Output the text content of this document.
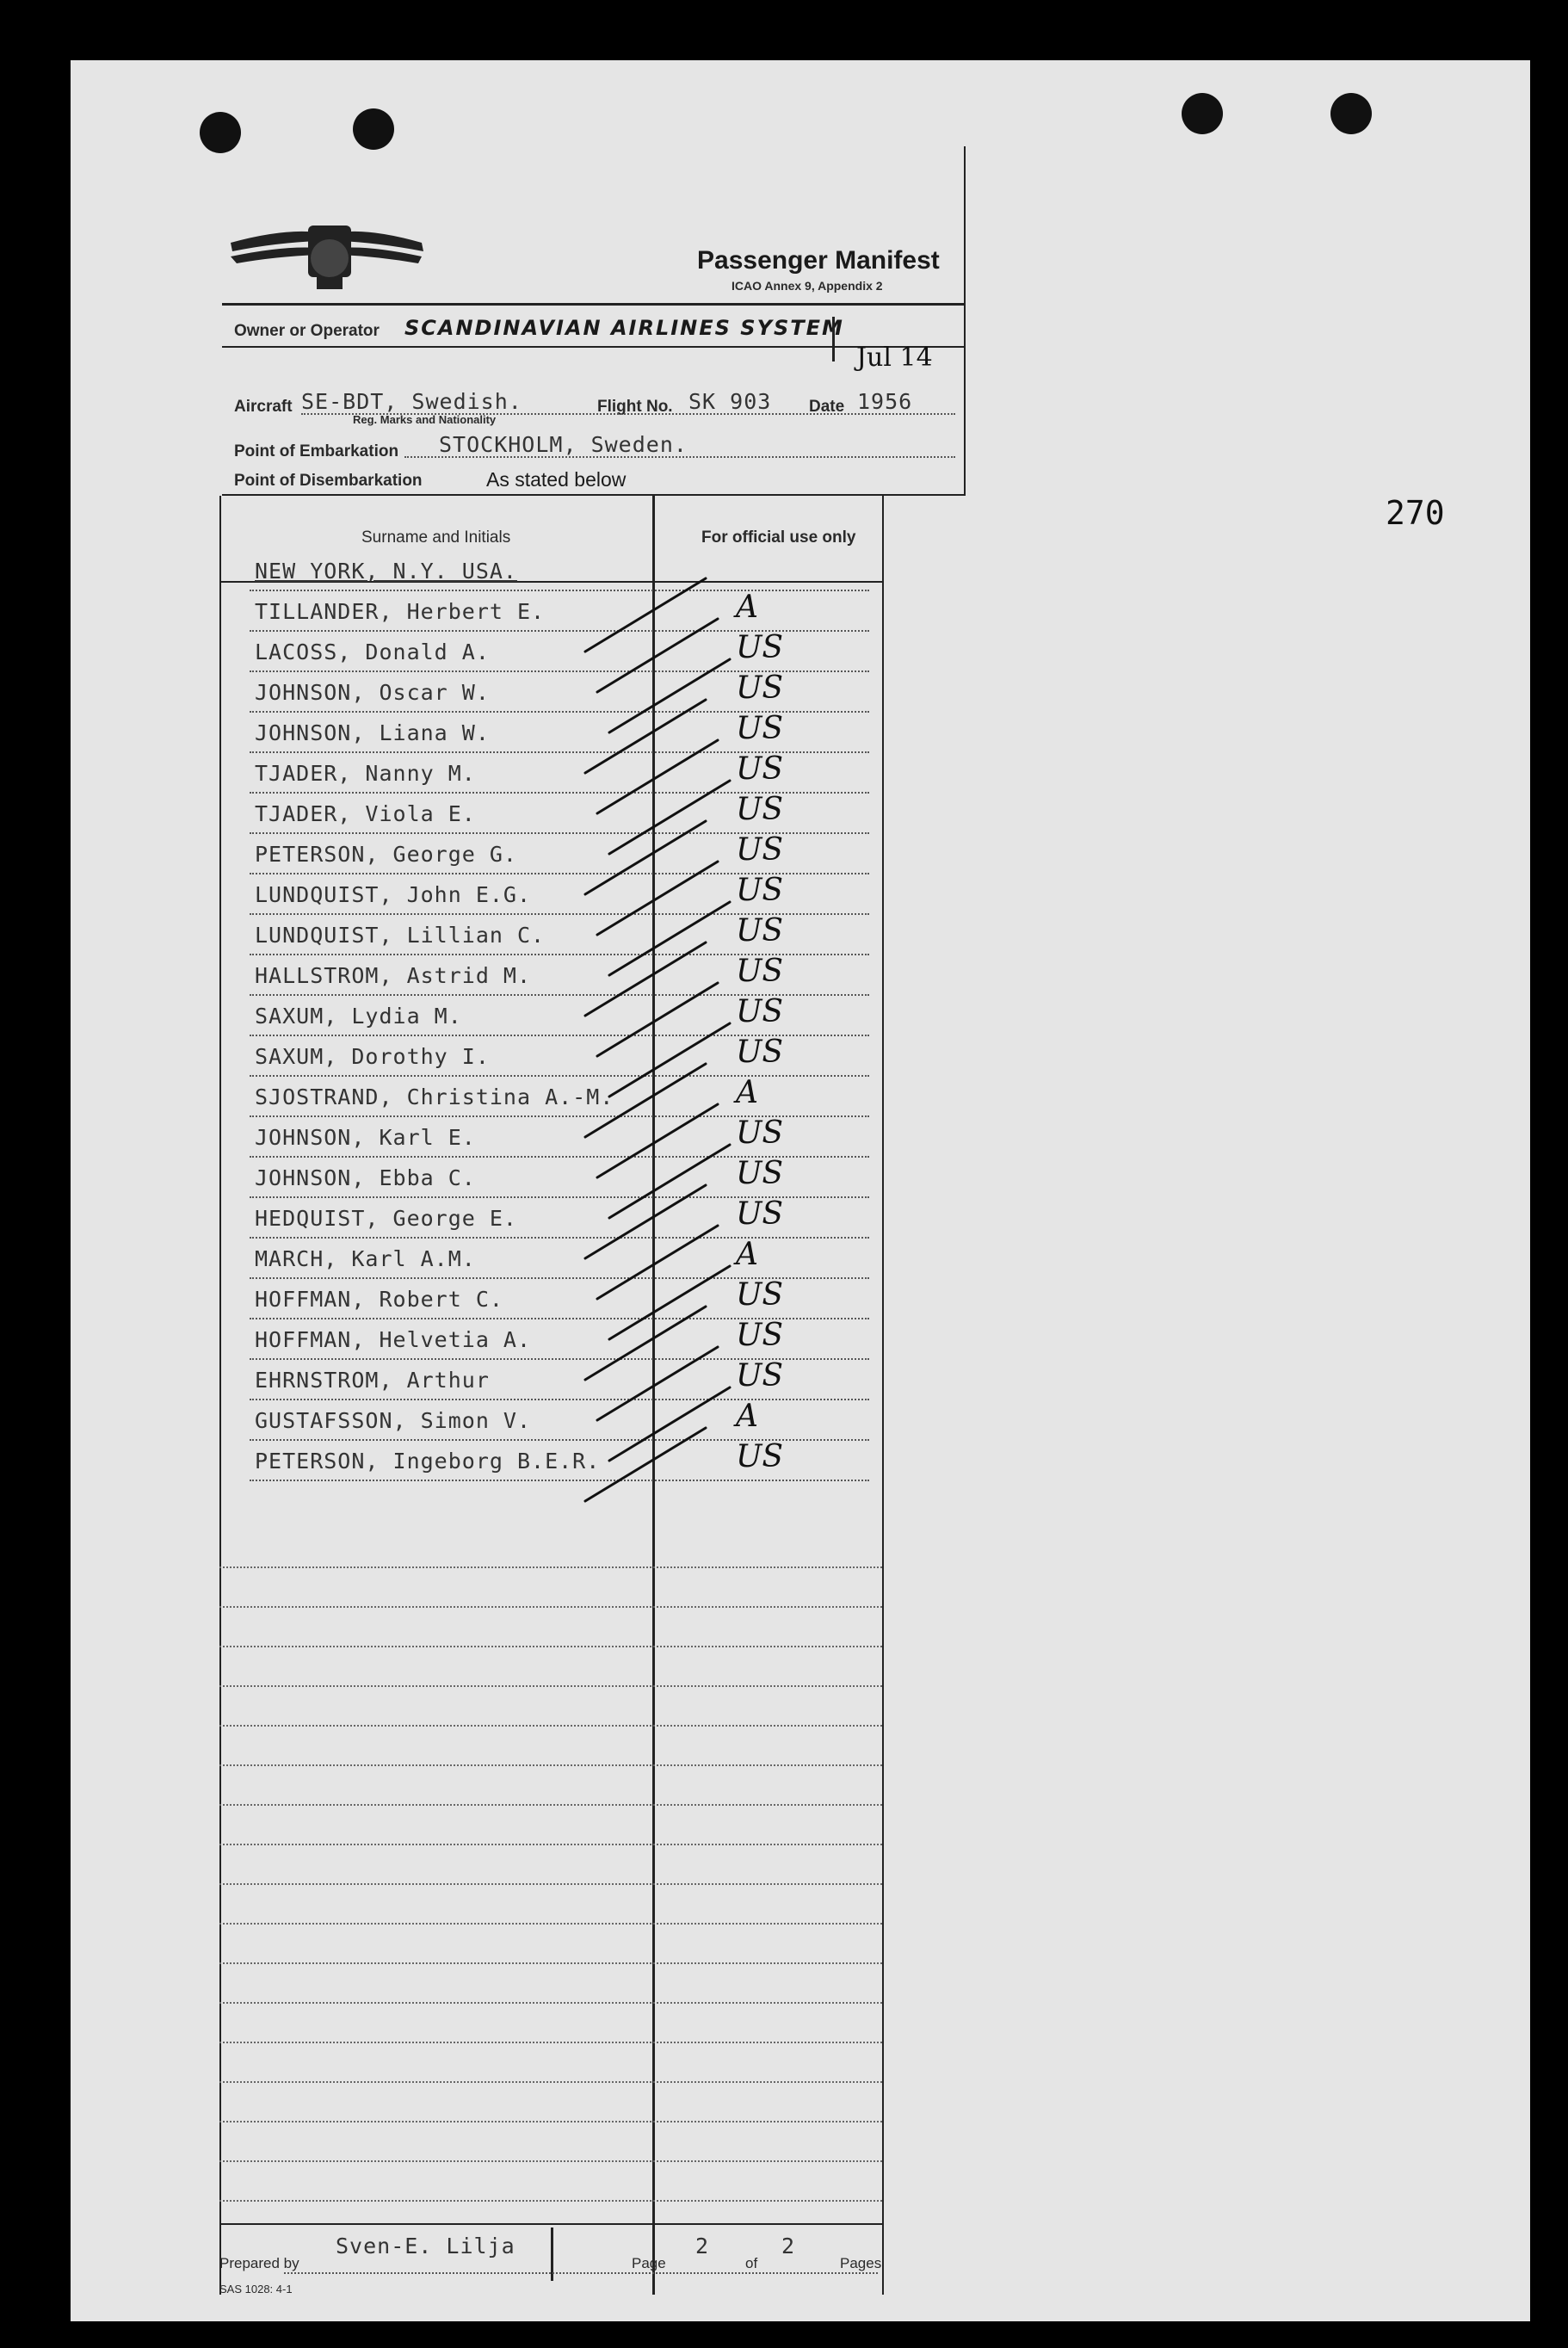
Passenger Manifest
ICAO Annex 9, Appendix 2
Owner or Operator SCANDINAVIAN AIRLINES SYSTEM
Jul 14
Aircraft SE-BDT, Swedish.
Reg. Marks and Nationality
Flight No. SK 903 Date 1956
Point of Embarkation STOCKHOLM, Sweden.
Point of Disembarkation	As stated below
270
Surname and Initials	For official use only
NEW YORK, N.Y. USA.
TILLANDER, Herbert E.	A
LACOSS, Donald A.	US
JOHNSON, Oscar W.	US
JOHNSON, Liana W.	US
TJADER, Nanny M.	US
TJADER, Viola E.	US
PETERSON, George G.	US
LUNDQUIST, John E.G.	US
LUNDQUIST, Lillian C.	US
HALLSTROM, Astrid M.	US
SAXUM, Lydia M.	US
SAXUM, Dorothy I.	US
SJOSTRAND, Christina A.-M.	A
JOHNSON, Karl E.	US
JOHNSON, Ebba C.	US
HEDQUIST, George E.	US
MARCH, Karl A.M.	A
HOFFMAN, Robert C.	US
HOFFMAN, Helvetia A.	US
EHRNSTROM, Arthur	US
GUSTAFSSON, Simon V.	A
PETERSON, Ingeborg B.E.R.	US
Prepared by
Sven-E. Lilja
Page
2
of
2
Pages
SAS 1028: 4-1
